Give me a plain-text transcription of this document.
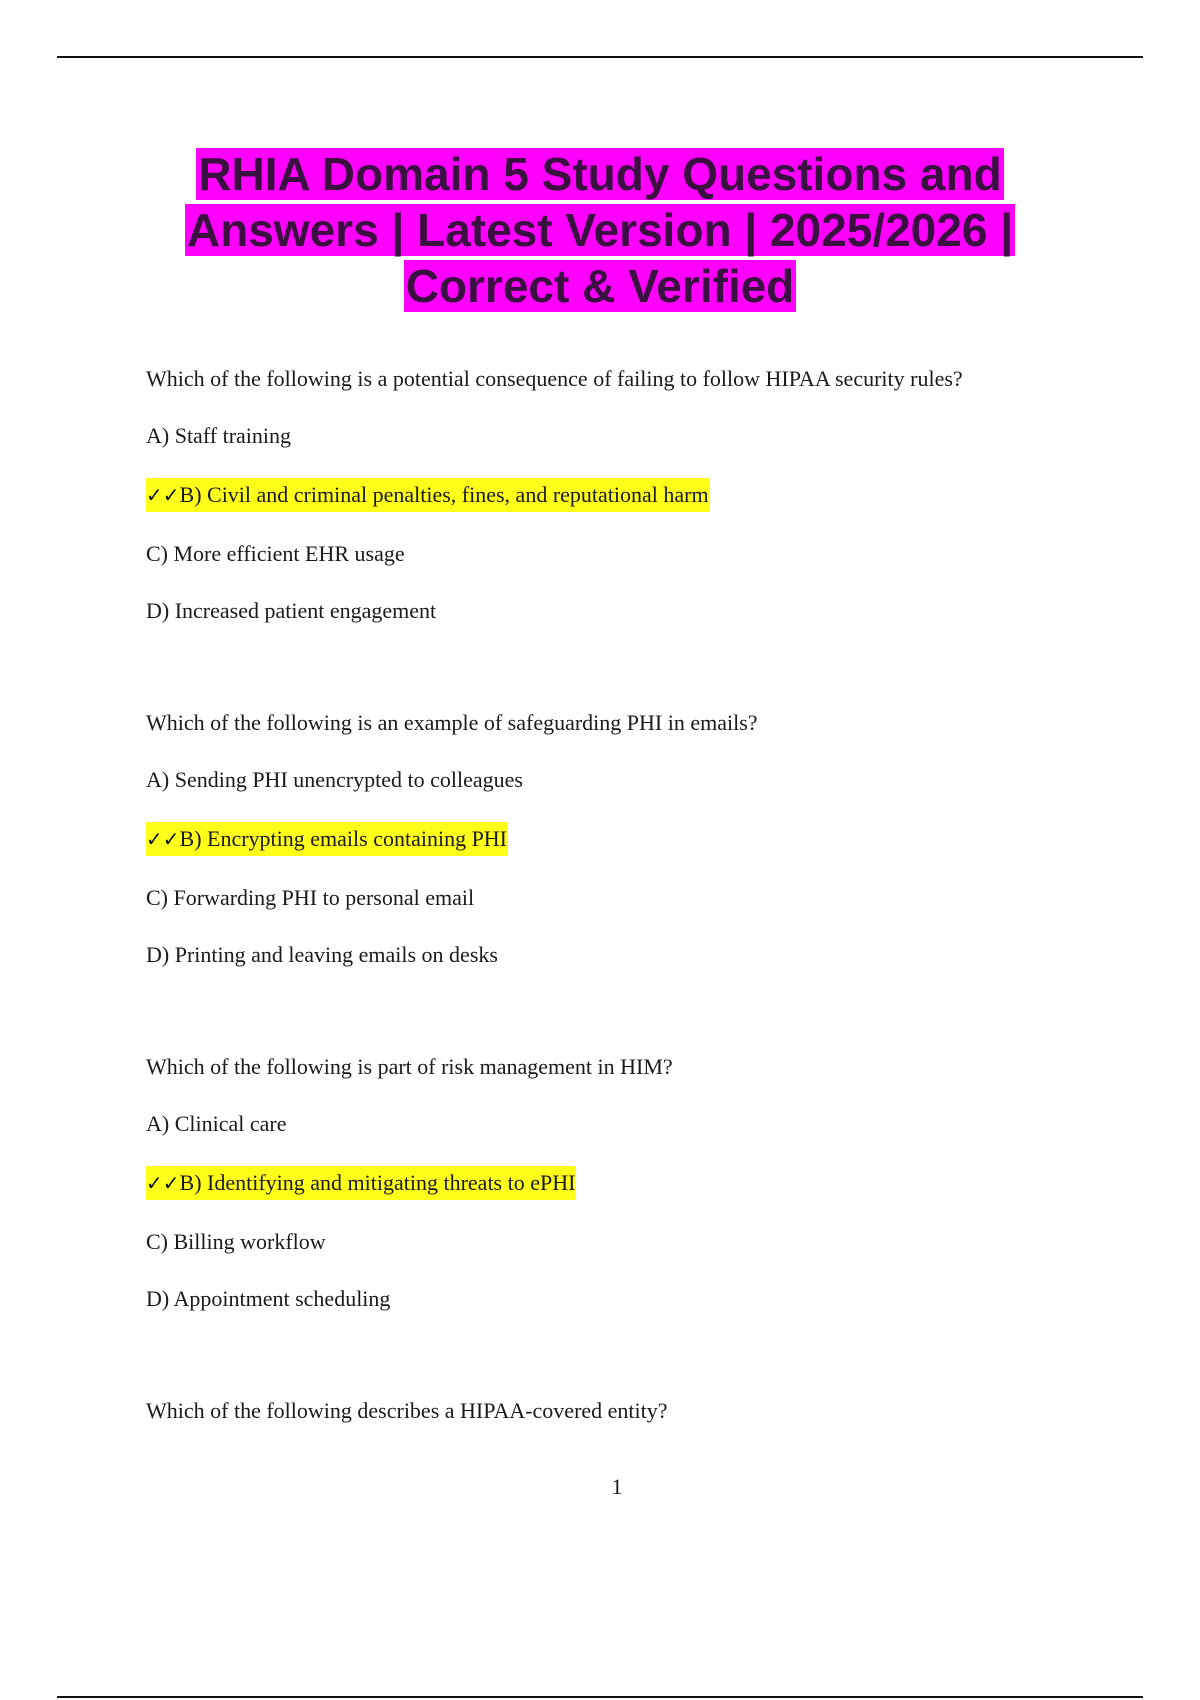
RHIA Domain 5 Study Questions and
Answers | Latest Version | 2025/2026 |
Correct & Verified

Which of the following is a potential consequence of failing to follow HIPAA security rules?

A) Staff training

✓✓B) Civil and criminal penalties, fines, and reputational harm

C) More efficient EHR usage

D) Increased patient engagement

Which of the following is an example of safeguarding PHI in emails?

A) Sending PHI unencrypted to colleagues

✓✓B) Encrypting emails containing PHI

C) Forwarding PHI to personal email

D) Printing and leaving emails on desks

Which of the following is part of risk management in HIM?

A) Clinical care

✓✓B) Identifying and mitigating threats to ePHI

C) Billing workflow

D) Appointment scheduling

Which of the following describes a HIPAA-covered entity?

1
